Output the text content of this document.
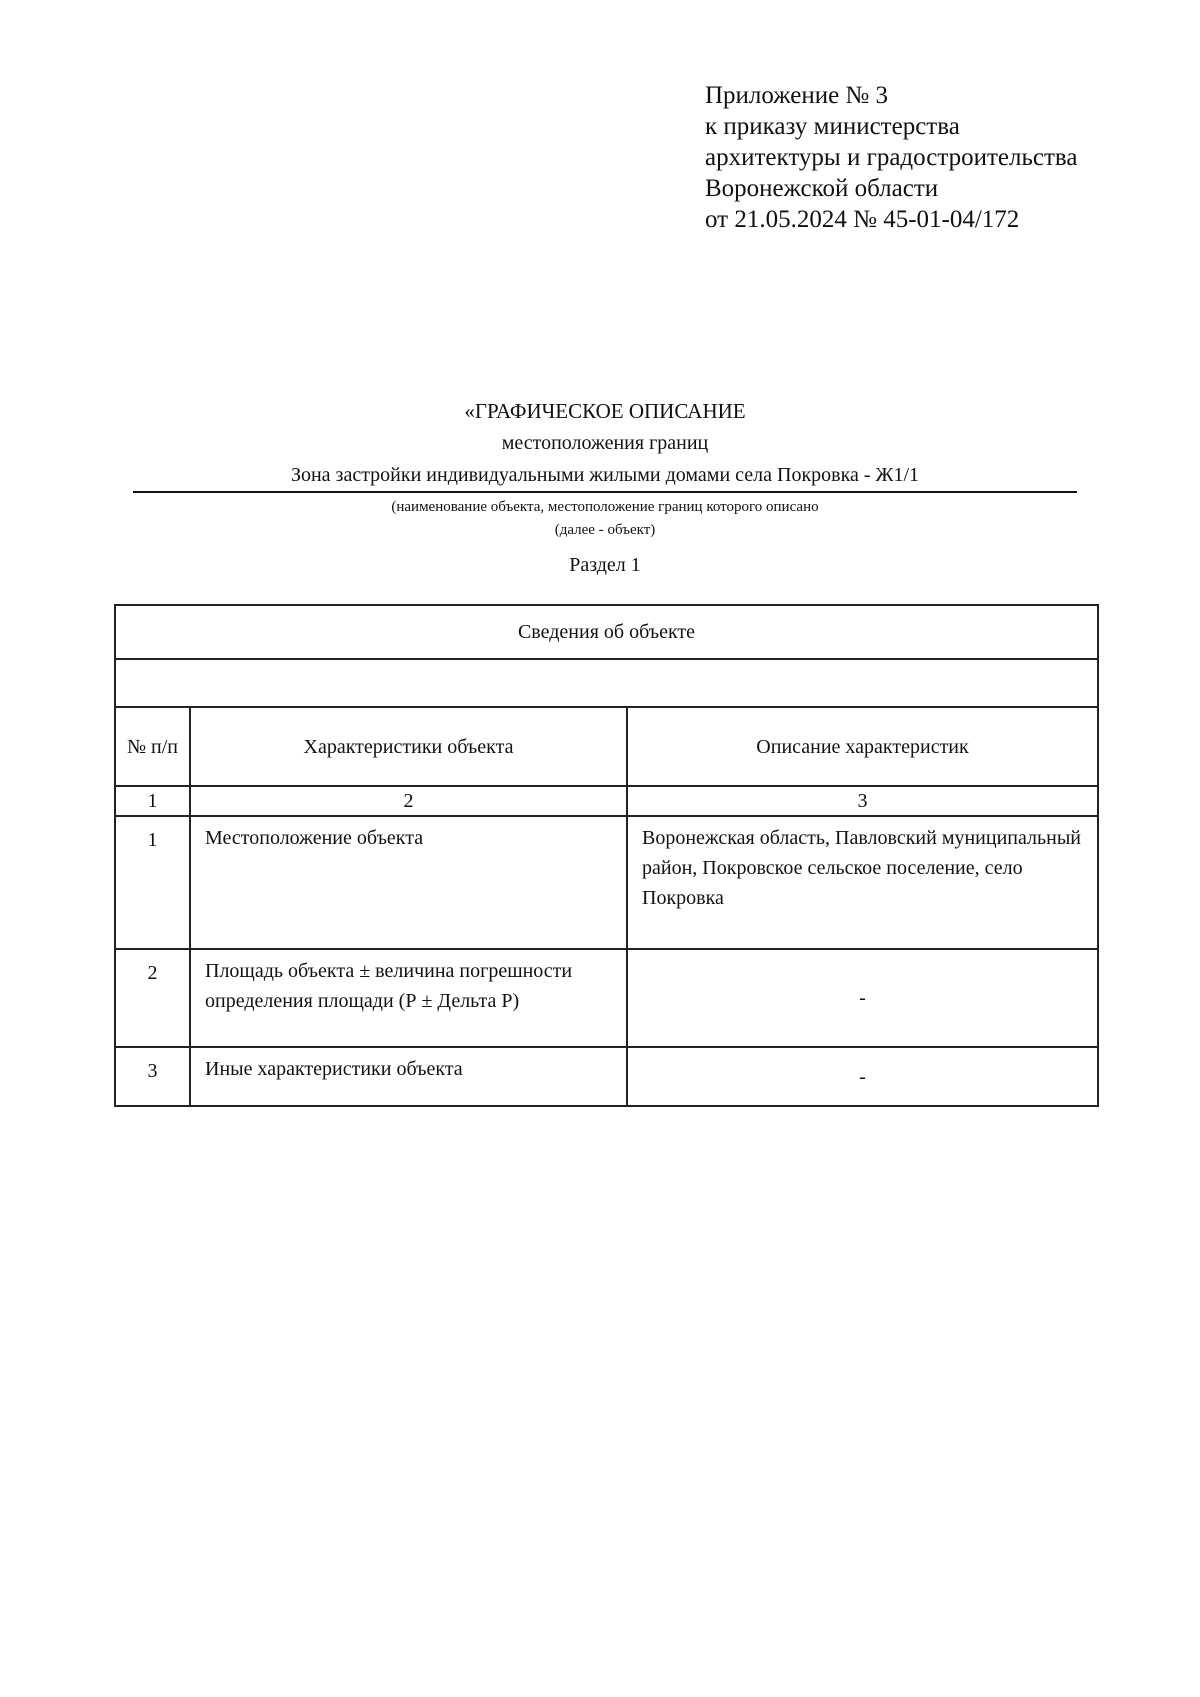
Приложение № 3
к приказу министерства
архитектуры и градостроительства
Воронежской области
от 21.05.2024 № 45-01-04/172
«ГРАФИЧЕСКОЕ ОПИСАНИЕ
местоположения границ
Зона застройки индивидуальными жилыми домами села Покровка - Ж1/1
(наименование объекта, местоположение границ которого описано
(далее - объект)
Раздел 1
Сведения об объекте		

№ п/п	Характеристики объекта	Описание характеристик
1	2	3
1	Местоположение объекта	Воронежская область, Павловский муниципальный район, Покровское сельское поселение, село Покровка
2	Площадь объекта ± величина погрешности определения площади (Р ± Дельта Р)	-
3	Иные характеристики объекта	-
